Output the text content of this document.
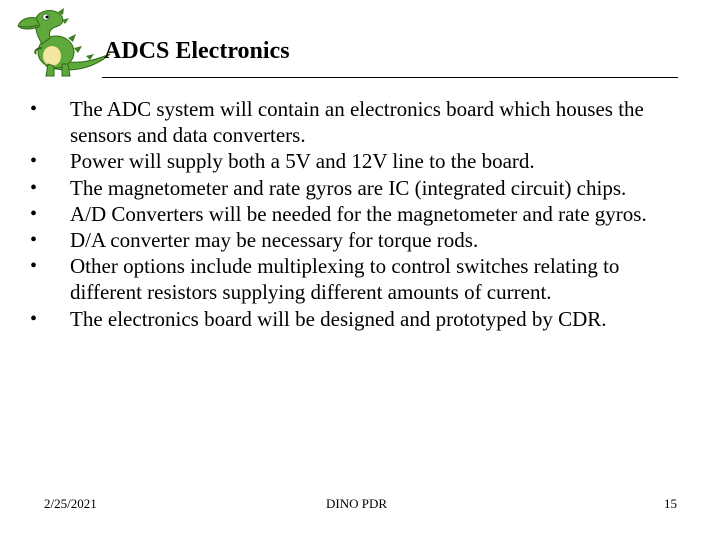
ADCS Electronics
• The ADC system will contain an electronics board which houses the sensors and data converters.
• Power will supply both a 5V and 12V line to the board.
• The magnetometer and rate gyros are IC (integrated circuit) chips.
• A/D Converters will be needed for the magnetometer and rate gyros.
• D/A converter may be necessary for torque rods.
• Other options include multiplexing to control switches relating to different resistors supplying different amounts of current.
• The electronics board will be designed and prototyped by CDR.
2/25/2021	DINO PDR	15
